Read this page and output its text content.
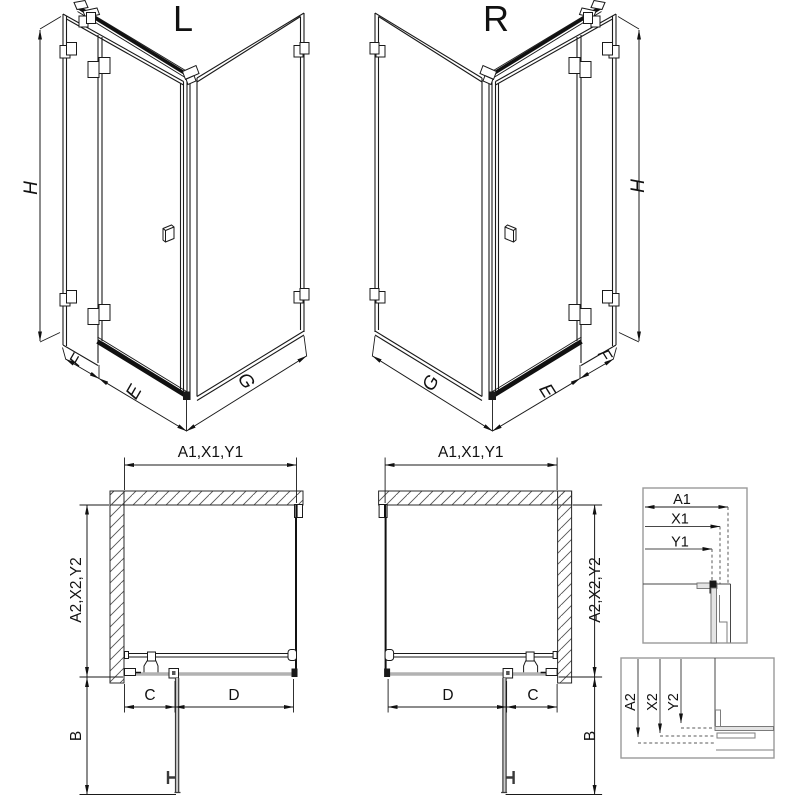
L
H
F
E	G
R
H
F
E
G
A1,X1,Y1
A2,X2,Y2
C	D
B
A1,X1,Y1
A2,X2,Y2
D	C
B
A1
X1
Y1
A2 X2 Y2
